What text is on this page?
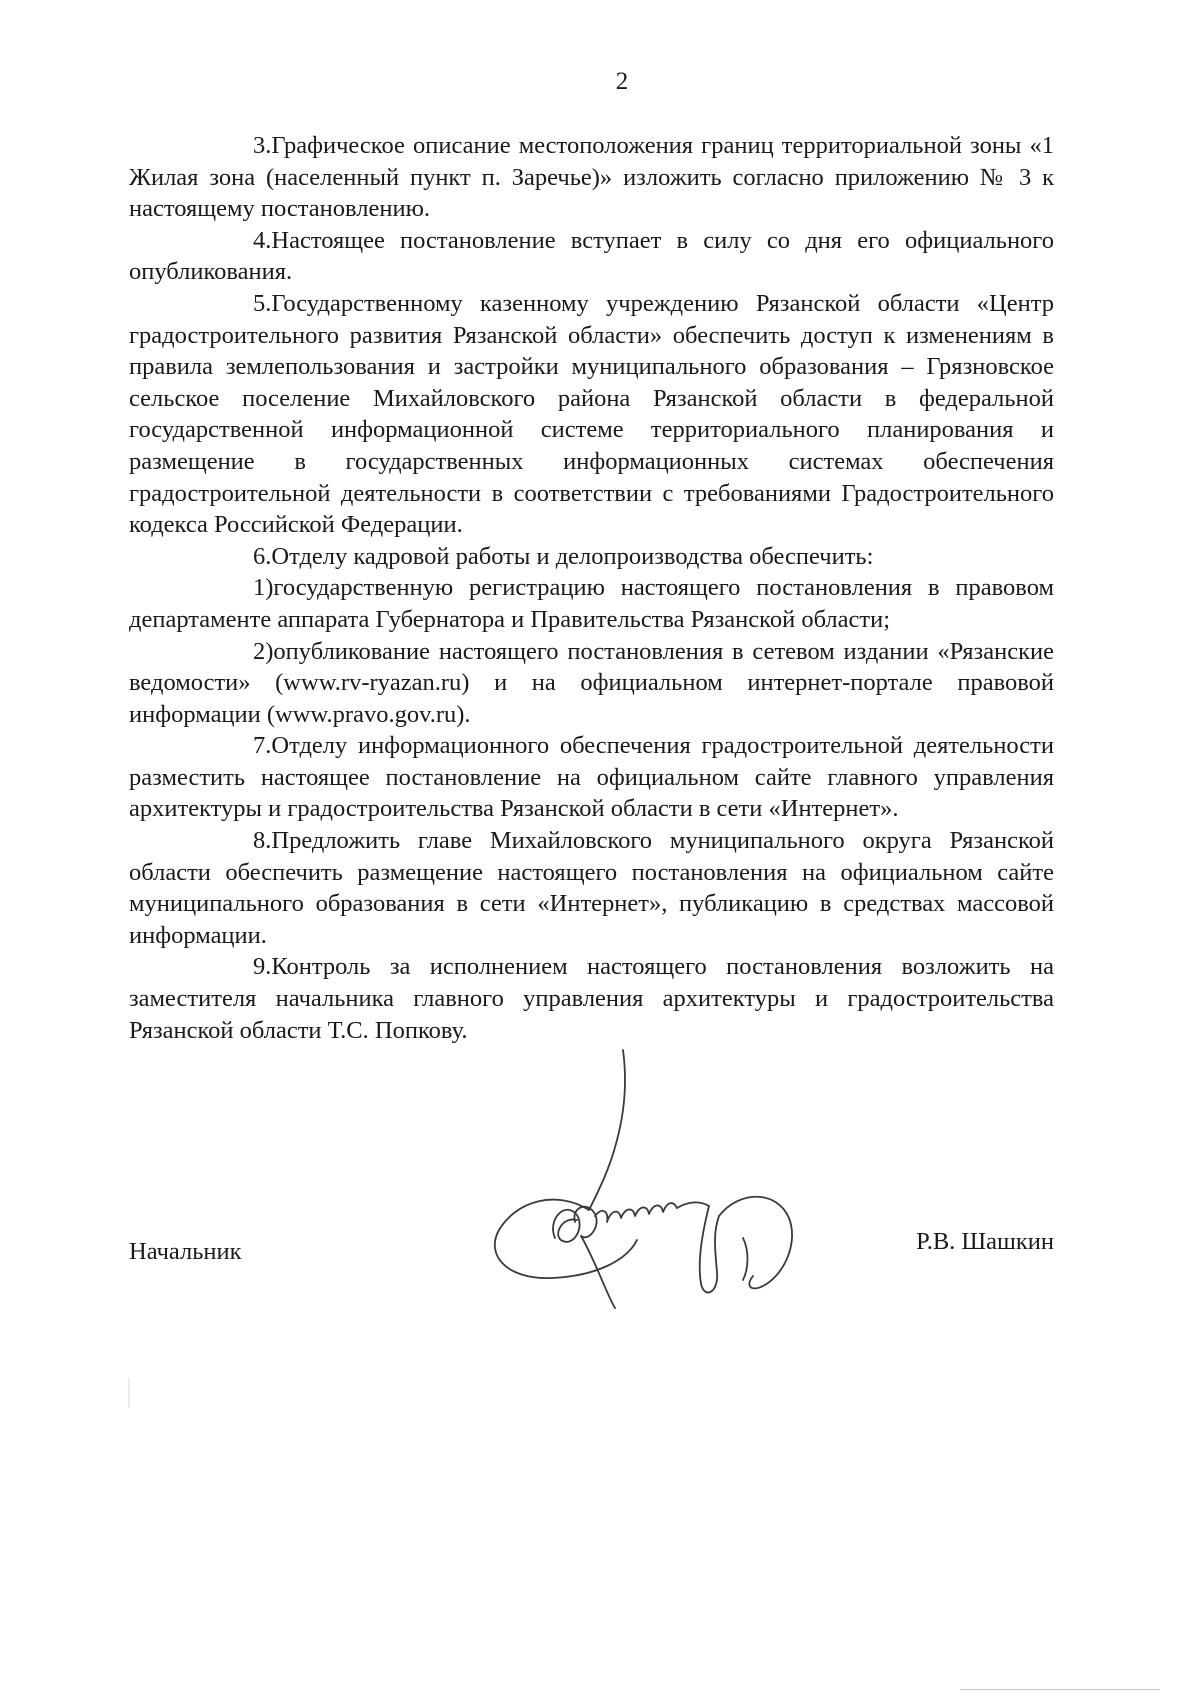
2

3.Графическое описание местоположения границ территориальной зоны «1 Жилая зона (населенный пункт п. Заречье)» изложить согласно приложению № 3 к настоящему постановлению.

4.Настоящее постановление вступает в силу со дня его официального опубликования.

5.Государственному казенному учреждению Рязанской области «Центр градостроительного развития Рязанской области» обеспечить доступ к изменениям в правила землепользования и застройки муниципального образования – Грязновское сельское поселение Михайловского района Рязанской области в федеральной государственной информационной системе территориального планирования и размещение в государственных информационных системах обеспечения градостроительной деятельности в соответствии с требованиями Градостроительного кодекса Российской Федерации.

6.Отделу кадровой работы и делопроизводства обеспечить:

1)государственную регистрацию настоящего постановления в правовом департаменте аппарата Губернатора и Правительства Рязанской области;

2)опубликование настоящего постановления в сетевом издании «Рязанские ведомости» (www.rv-ryazan.ru) и на официальном интернет-портале правовой информации (www.pravo.gov.ru).

7.Отделу информационного обеспечения градостроительной деятельности разместить настоящее постановление на официальном сайте главного управления архитектуры и градостроительства Рязанской области в сети «Интернет».

8.Предложить главе Михайловского муниципального округа Рязанской области обеспечить размещение настоящего постановления на официальном сайте муниципального образования в сети «Интернет», публикацию в средствах массовой информации.

9.Контроль за исполнением настоящего постановления возложить на заместителя начальника главного управления архитектуры и градостроительства Рязанской области Т.С. Попкову.

Начальник	Р.В. Шашкин
